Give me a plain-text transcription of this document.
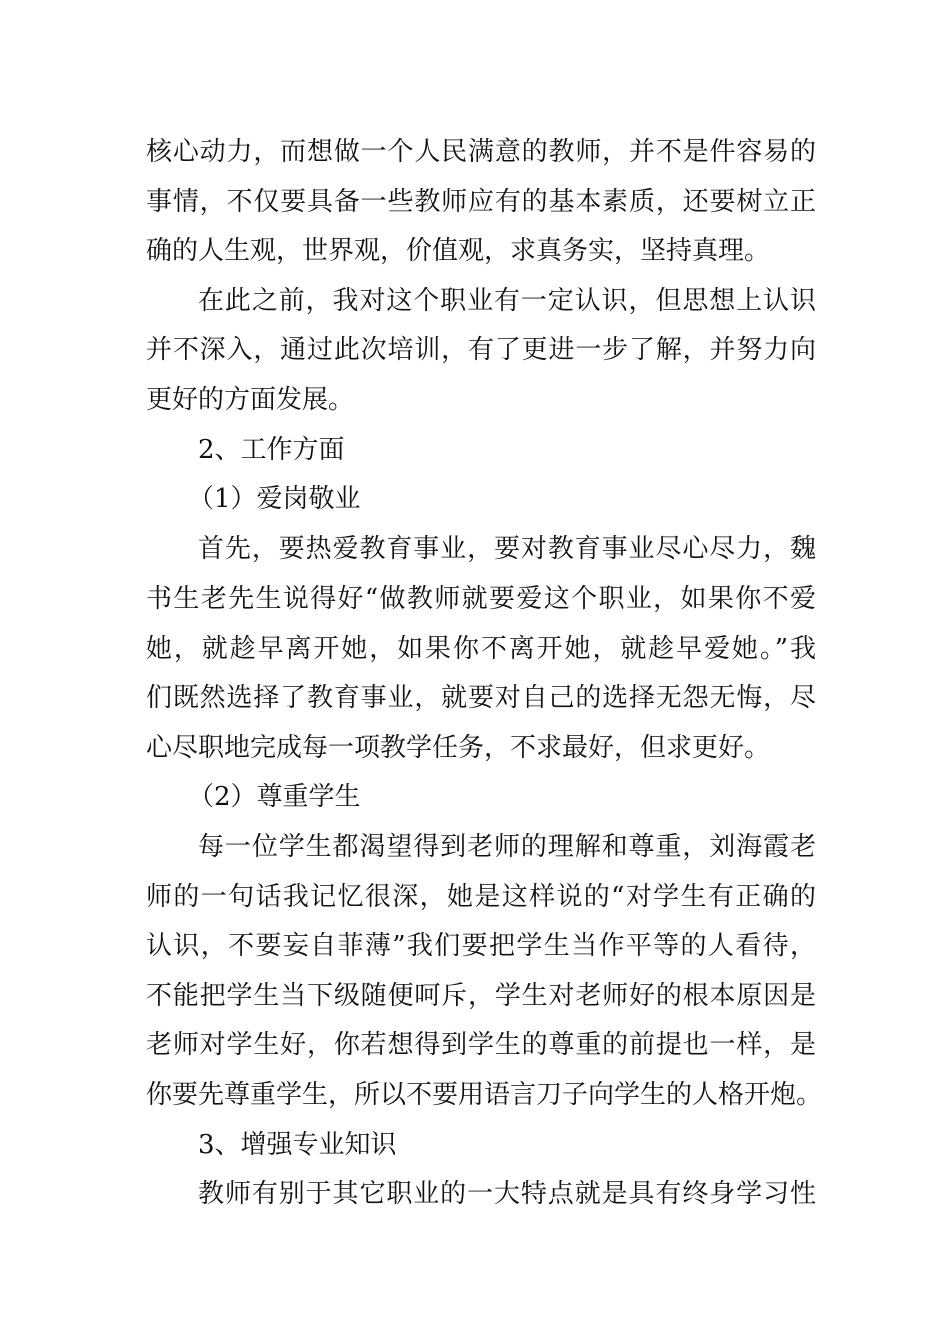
核心动力，而想做一个人民满意的教师，并不是件容易的
事情，不仅要具备一些教师应有的基本素质，还要树立正
确的人生观，世界观，价值观，求真务实，坚持真理。
在此之前，我对这个职业有一定认识，但思想上认识
并不深入，通过此次培训，有了更进一步了解，并努力向
更好的方面发展。
2、工作方面
（1）爱岗敬业
首先，要热爱教育事业，要对教育事业尽心尽力，魏
书生老先生说得好“做教师就要爱这个职业，如果你不爱
她，就趁早离开她，如果你不离开她，就趁早爱她。”我
们既然选择了教育事业，就要对自己的选择无怨无悔，尽
心尽职地完成每一项教学任务，不求最好，但求更好。
（2）尊重学生
每一位学生都渴望得到老师的理解和尊重，刘海霞老
师的一句话我记忆很深，她是这样说的“对学生有正确的
认识，不要妄自菲薄”我们要把学生当作平等的人看待，
不能把学生当下级随便呵斥，学生对老师好的根本原因是
老师对学生好，你若想得到学生的尊重的前提也一样，是
你要先尊重学生，所以不要用语言刀子向学生的人格开炮。
3、增强专业知识
教师有别于其它职业的一大特点就是具有终身学习性
